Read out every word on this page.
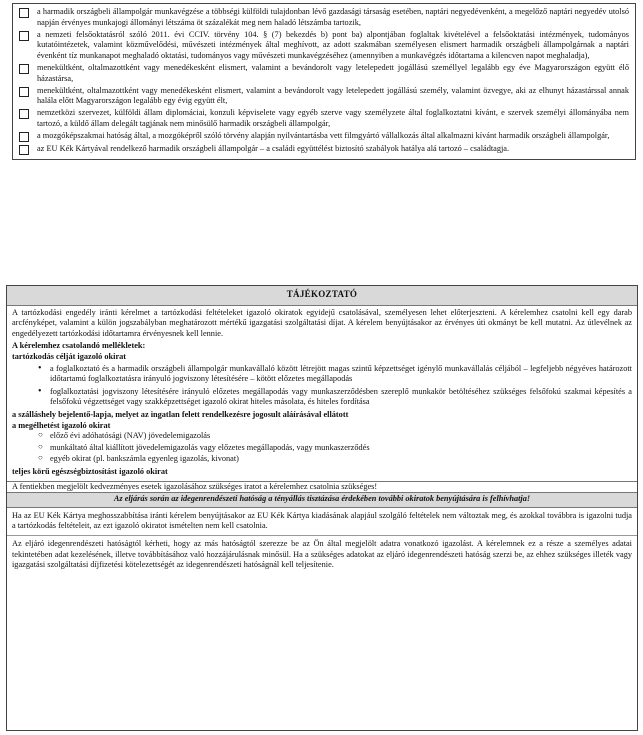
a harmadik országbeli állampolgár munkavégzése a többségi külföldi tulajdonban lévő gazdasági társaság esetében, naptári negyedévenként, a megelőző naptári negyedév utolsó napján érvényes munkajogi állományi létszáma öt százalékát meg nem haladó létszámba tartozik,
a nemzeti felsőoktatásról szóló 2011. évi CCIV. törvény 104. § (7) bekezdés b) pont ba) alpontjában foglaltak kivételével a felsőoktatási intézmények, tudományos kutatóintézetek, valamint közművelődési, művészeti intézmények által meghívott, az adott szakmában személyesen elismert harmadik országbeli állampolgárnak a naptári évenként tíz munkanapot meghaladó oktatási, tudományos vagy művészeti munkavégzéséhez (amennyiben a munkavégzés időtartama a kilencven napot meghaladja),
menekültként, oltalmazottként vagy menedékesként elismert, valamint a bevándorolt vagy letelepedett jogállású személlyel legalább egy éve Magyarországon együtt élő házastársa,
menekültként, oltalmazottként vagy menedékesként elismert, valamint a bevándorolt vagy letelepedett jogállású személy, valamint özvegye, aki az elhunyt házastárssal annak halála előtt Magyarországon legalább egy évig együtt élt,
nemzetközi szervezet, külföldi állam diplomáciai, konzuli képviselete vagy egyéb szerve vagy személyzete által foglalkoztatni kívánt, e szervek személyi állományába nem tartozó, a küldő állam delegált tagjának nem minősülő harmadik országbeli állampolgár,
a mozgóképszakmai hatóság által, a mozgóképről szóló törvény alapján nyilvántartásba vett filmgyártó vállalkozás által alkalmazni kívánt harmadik országbeli állampolgár,
az EU Kék Kártyával rendelkező harmadik országbeli állampolgár – a családi együttélést biztosító szabályok hatálya alá tartozó – családtagja.
TÁJÉKOZTATÓ

A tartózkodási engedély iránti kérelmet a tartózkodási feltételeket igazoló okiratok egyidejű csatolásával, személyesen lehet előterjeszteni. A kérelemhez csatolni kell egy darab arcfényképet, valamint a külön jogszabályban meghatározott mértékű igazgatási szolgáltatási díjat. A kérelem benyújtásakor az érvényes úti okmányt be kell mutatni. Az útlevélnek az engedélyezett tartózkodási időtartamra érvényesnek kell lennie.

A kérelemhez csatolandó mellékletek:

tartózkodás célját igazoló okirat

• a foglalkoztató és a harmadik országbeli állampolgár munkavállaló között létrejött magas szintű képzettséget igénylő munkavállalás céljából – legfeljebb négyéves határozott időtartamú foglalkoztatásra irányuló jogviszony létesítésére – kötött előzetes megállapodás
• foglalkoztatási jogviszony létesítésére irányuló előzetes megállapodás vagy munkaszerződésben szereplő munkakör betöltéséhez szükséges felsőfokú szakmai képesítés a felsőfokú végzettséget vagy szakképzettséget igazoló okirat hiteles másolata, és hiteles fordítása

a szálláshely bejelentő-lapja, melyet az ingatlan felett rendelkezésre jogosult aláírásával ellátott

a megélhetést igazoló okirat

○ előző évi adóhatósági (NAV) jövedelemigazolás
○ munkáltató által kiállított jövedelemigazolás vagy előzetes megállapodás, vagy munkaszerződés
○ egyéb okirat (pl. bankszámla egyenleg igazolás, kivonat)

teljes körű egészségbiztosítást igazoló okirat

A fentiekben megjelölt kedvezményes esetek igazolásához szükséges iratot a kérelemhez csatolnia szükséges!
Az eljárás során az idegenrendészeti hatóság a tényállás tisztázása érdekében további okiratok benyújtására is felhívhatja!

Ha az EU Kék Kártya meghosszabbítása iránti kérelem benyújtásakor az EU Kék Kártya kiadásának alapjául szolgáló feltételek nem változtak meg, és azokkal továbbra is igazolni tudja a tartózkodás feltételeit, az ezt igazoló okiratot ismételten nem kell csatolnia.

Az eljáró idegenrendészeti hatóságtól kérheti, hogy az más hatóságtól szerezze be az Ön által megjelölt adatra vonatkozó igazolást. A kérelemnek ez a része a személyes adatai tekintetében adat kezelésének, illetve továbbításához való hozzájárulásnak minősül. Ha a szükséges adatokat az eljáró idegenrendészeti hatóság szerzi be, az ehhez szükséges illeték vagy igazgatási szolgáltatási díjfizetési kötelezettségét az idegenrendészeti hatóságnál kell teljesítenie.
